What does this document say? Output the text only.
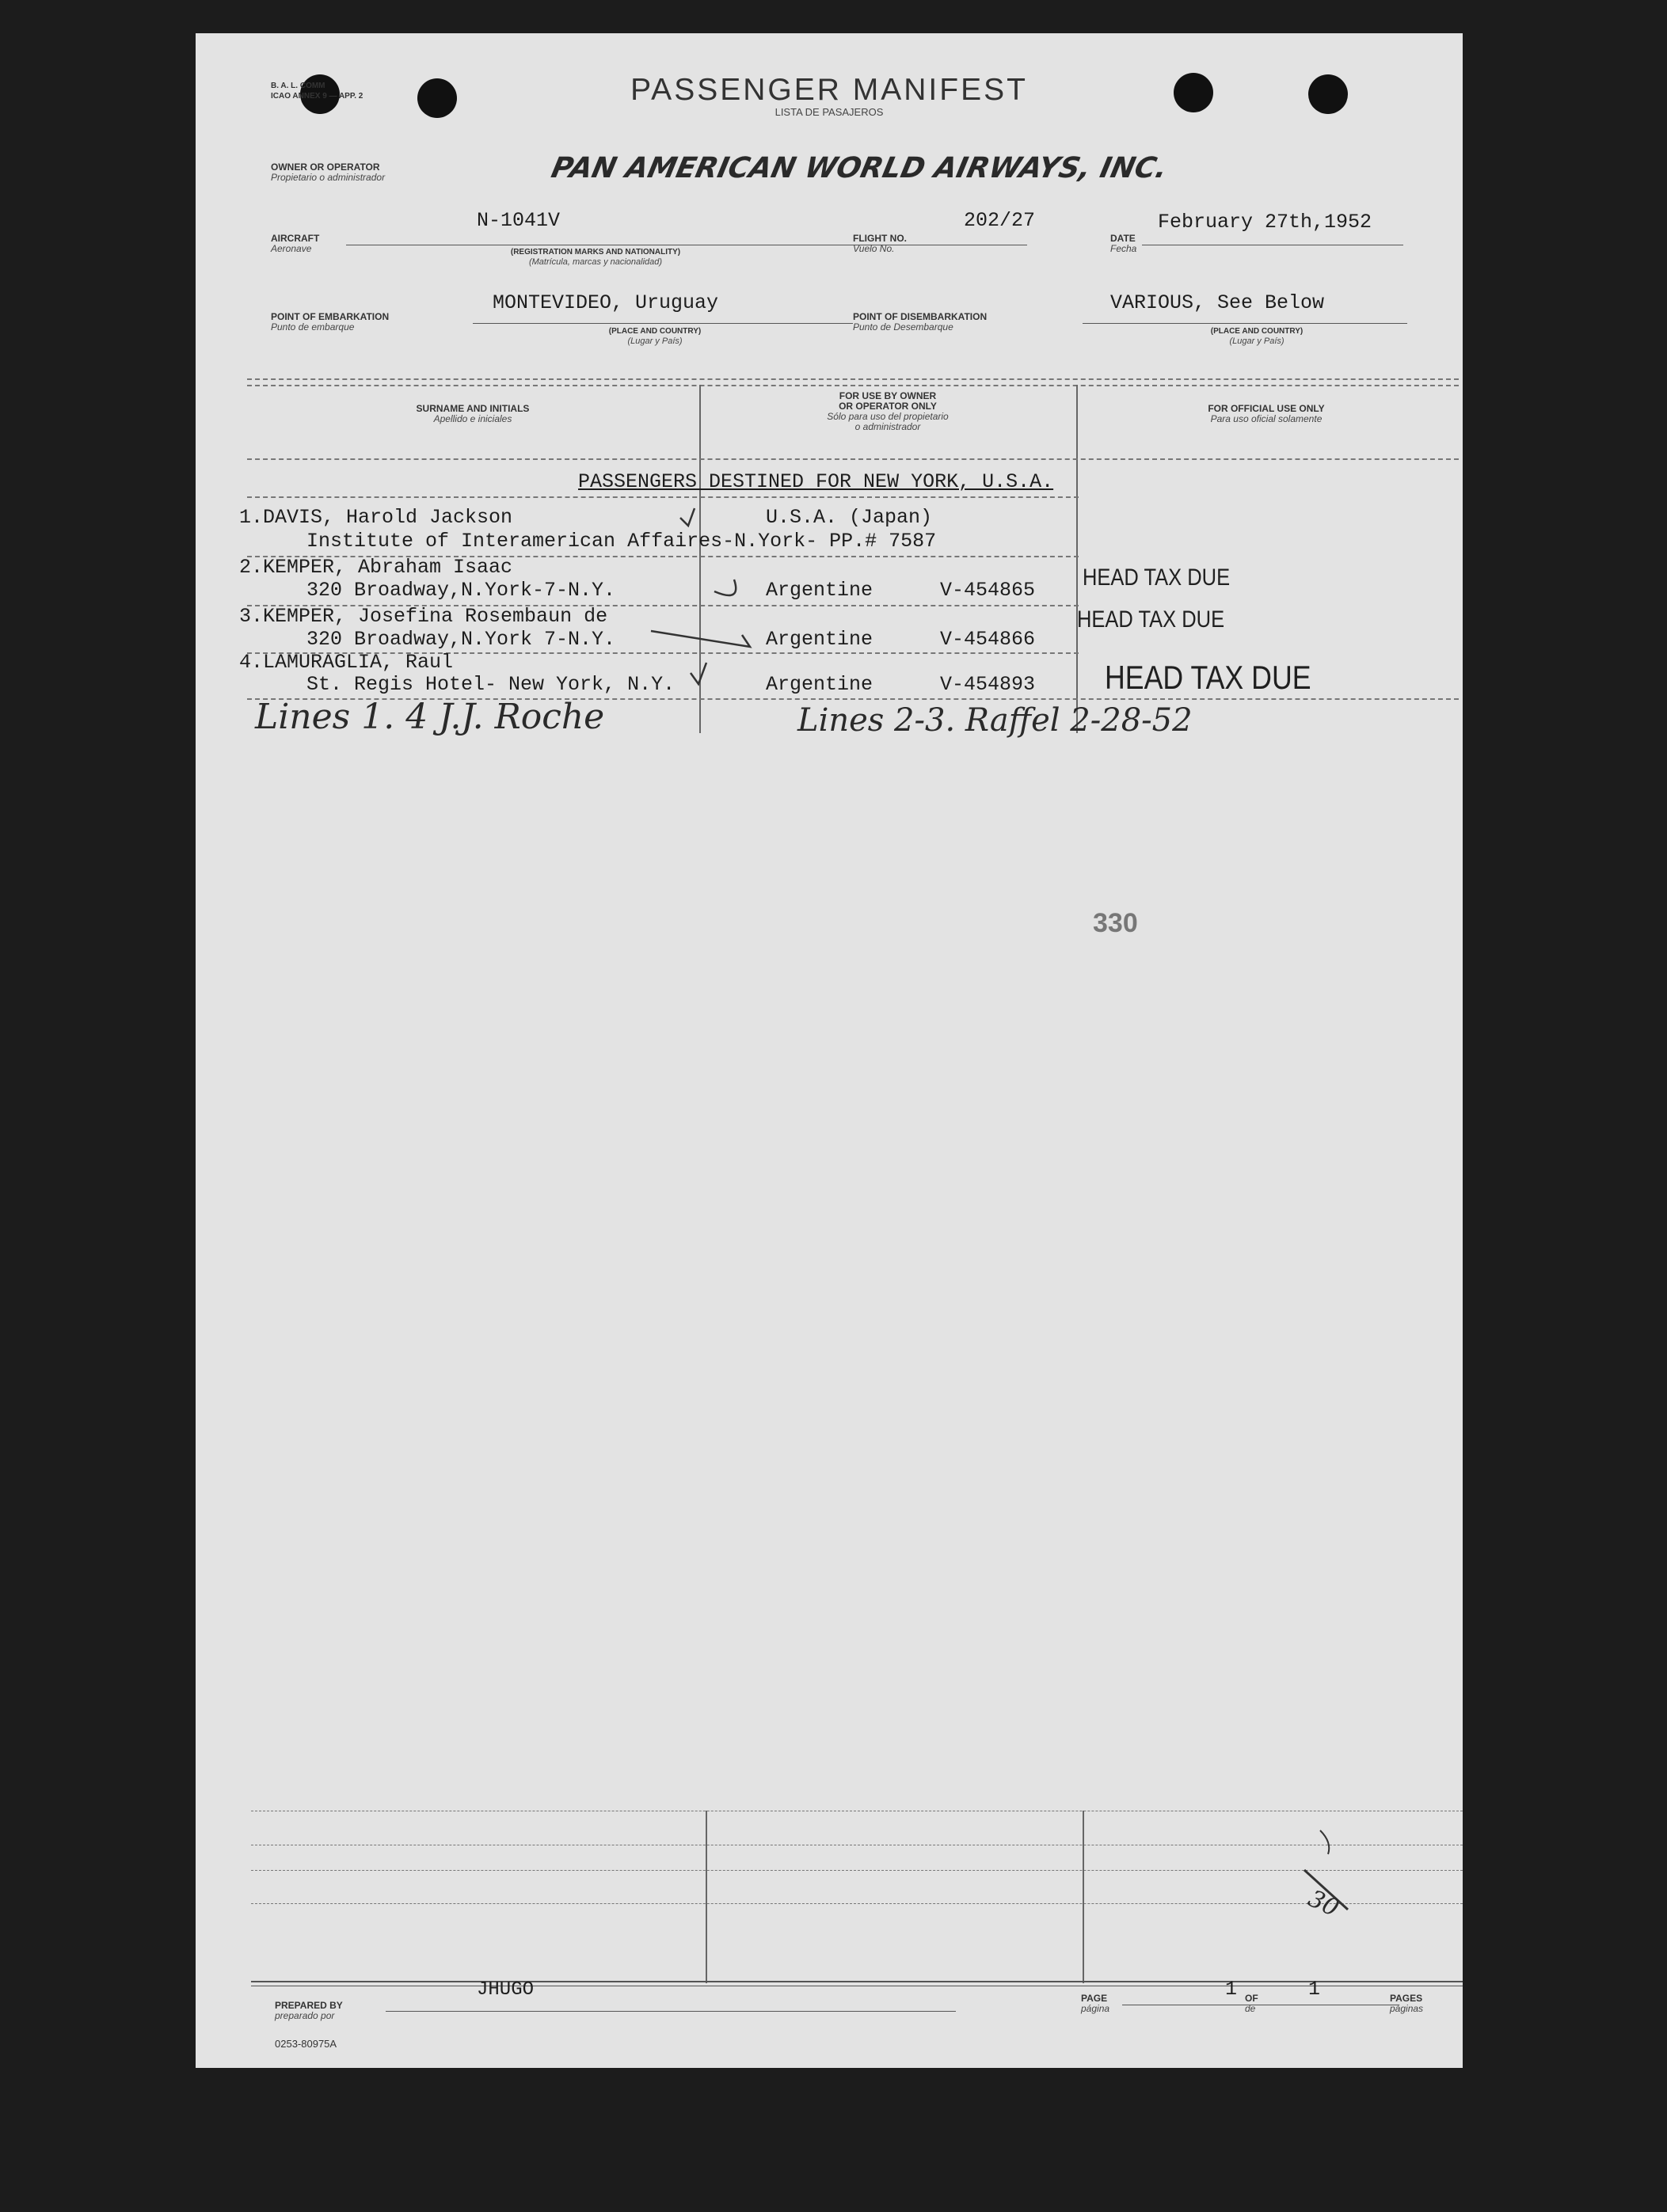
B. A. L. COMM
ICAO ANNEX 9 — APP. 2	PASSENGER MANIFEST
LISTA DE PASAJEROS
OWNER OR OPERATOR
Propietario o administrador	PAN AMERICAN WORLD AIRWAYS, INC.
AIRCRAFT
Aeronave
N-1041V
(REGISTRATION MARKS AND NATIONALITY)
(Matrícula, marcas y nacionalidad)
FLIGHT NO.
Vuelo No.
202/27
DATE
Fecha
February 27th,1952
POINT OF EMBARKATION
Punto de embarque
MONTEVIDEO, Uruguay
(PLACE AND COUNTRY)
(Lugar y País)
POINT OF DISEMBARKATION
Punto de Desembarque
VARIOUS, See Below
(PLACE AND COUNTRY)
(Lugar y País)
SURNAME AND INITIALS
Apellido e iniciales
FOR USE BY OWNER
OR OPERATOR ONLY
Sólo para uso del propietario
o administrador
FOR OFFICIAL USE ONLY
Para uso oficial solamente
PASSENGERS DESTINED FOR NEW YORK, U.S.A.
1.DAVIS, Harold Jackson
Institute of Interamerican Affaires-N.York- PP.# 7587
U.S.A. (Japan)
2.KEMPER, Abraham Isaac
320 Broadway,N.York-7-N.Y.	Argentine	V-454865 HEAD TAX DUE
3.KEMPER, Josefina Rosembaun de
320 Broadway,N.York 7-N.Y.	Argentine	V-454866
HEAD TAX DUE
4.LAMURAGLIA, Raul
St. Regis Hotel- New York, N.Y.	Argentine	V-454893 HEAD TAX DUE
Lines 1. 4 J.J. Roche	Lines 2-3. Raffel 2-28-52
330
30
PREPARED BY
preparado por
JHUGO	PAGE
página
1 OF
de
1	PAGES
páginas
0253-80975A
